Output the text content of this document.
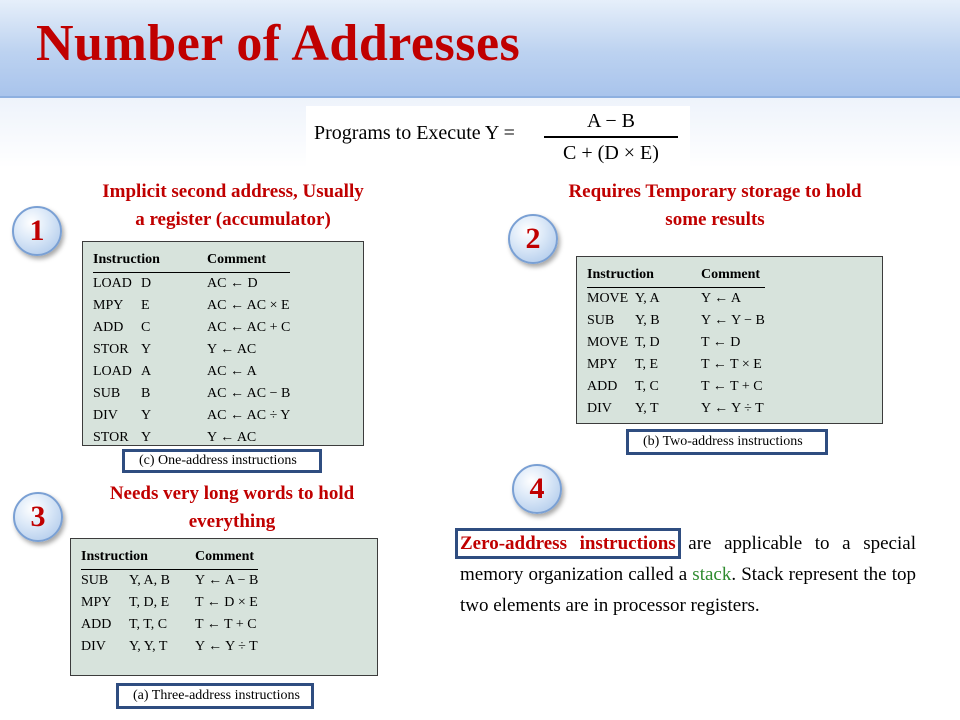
Number of Addresses
Programs to Execute Y =
A − B
C + (D × E)
Implicit second address, Usually
a register (accumulator)
1
Instruction		Comment
LOAD	D	AC ← D
MPY	E	AC ← AC × E
ADD	C	AC ← AC + C
STOR	Y	Y ← AC
LOAD	A	AC ← A
SUB	B	AC ← AC − B
DIV	Y	AC ← AC ÷ Y
STOR	Y	Y ← AC
(c) One-address instructions
Requires Temporary storage to hold
some results
2
Instruction		Comment
MOVE	Y, A	Y ← A
SUB	Y, B	Y ← Y − B
MOVE	T, D	T ← D
MPY	T, E	T ← T × E
ADD	T, C	T ← T + C
DIV	Y, T	Y ← Y ÷ T
(b) Two-address instructions
Needs very long words to hold
everything
3
Instruction		Comment
SUB	Y, A, B	Y ← A − B
MPY	T, D, E	T ← D × E
ADD	T, T, C	T ← T + C
DIV	Y, Y, T	Y ← Y ÷ T
(a) Three-address instructions
4
Zero-address instructions are applicable to a special memory organization called a stack. Stack represent the top two elements are in processor registers.
